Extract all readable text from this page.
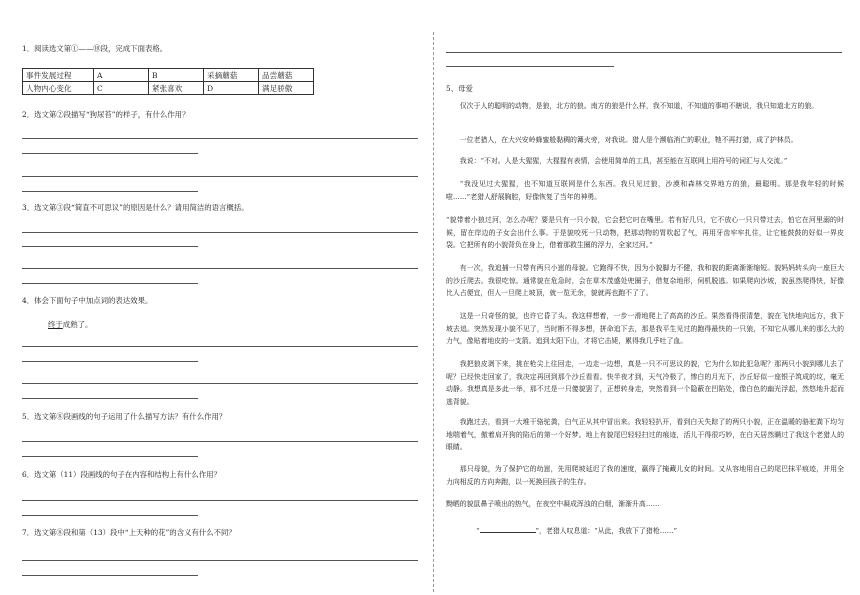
1．阅读选文第①——⑩段，完成下面表格。
事件发展过程	A	B	采摘蘑菇	品尝蘑菇
人物内心变化	C	紧张喜欢	D	满足骄傲
2．选文第②段描写“狗尿苔”的样子，有什么作用？
3．选文第③段“简直不可思议”的原因是什么？请用简洁的语言概括。
4．体会下面句子中加点词的表达效果。
终于成熟了。
5．选文第⑧段画线的句子运用了什么描写方法？有什么作用？
6．选文第（11）段画线的句子在内容和结构上有什么作用？
7．选文第⑧段和第（13）段中“上天种的花”的含义有什么不同？
5、母爱
仅次于人的聪明的动物，是狼，北方的狼。南方的狼是什么样，我不知道，不知道的事咱不瞎说，我只知道北方的狼。
一位老猎人，在大兴安岭蜂蜜般黏稠的篝火旁，对我说。猎人是个濒临消亡的职业，牠不再打猎，成了护林员。
我说：“不对。人是大猩猩，大猩猩有表情，会使用简单的工具，甚至能在互联网上用符号的词汇与人交流。”
“我没见过大猩猩，也不知道互联网是什么东西。我只见过狼，沙漠和森林交界地方的狼，最聪明。那是我年轻的时候啦……”老猎人舒展胸腔，好像恢复了当年的神勇。
“貌带着小狼过河，怎么办呢？要是只有一只小貌，它会把它叼在嘴里。若有好几只，它不放心一只只带过去，怕它在河里溺的时候，留在岸边的子女会出什么事。于是貌咬死一只动物，把那动物的胃吹起了气，再用牙齿牢牢扎住，让它能鼓鼓的好似一界皮袋。它把所有的小貌背负在身上，借着那救生圈的浮力，全家过河。”
有一次，我追捕一只带有两只小崽的母貌。它跑得不快，因为小貌脚力不健，我和貌的距离渐渐缩短。貌妈妈转头向一座巨大的沙丘爬去。我很吃惊。通常貌在危急时，会在草木茂盛处兜圈子，借复杂地形，伺机脱逃。如果爬向沙坡，貌虽然爬得快，好像比人占便宜，但人一旦爬上坡顶，就一览无余，貌就再也跑不了了。
这是一只奇怪的貌，也许它昏了头。我这样想着，一步一滑地爬上了高高的沙丘。果然看得很清楚，貌在飞快地向远方，我下坡去追。突然发现小貌不见了，当时断不得多想，拼命追下去，那是我平生见过的跑得最快的一只狼，不知它从哪儿来的那么大的力气，像贴着地皮的一支箭。追到太阳下山，才将它击毙，累得我几乎吐了血。
我把狼皮剥下来，挑在枪尖上往回走，一边走一边想，真是一只不可思议的貌，它为什么如此犯急呢？那两只小貌到哪儿去了呢？已经快走回家了，我决定再回到那个沙丘看看。快半夜才到，天气冷极了，惨白的月光下，沙丘好似一座银子筑成的坟，毫无动静。我想真是多此一举，那不过是一只傻貌罢了，正想转身走，突然看到一个隐蔽在凹陷处，像白色的幽光浮起，然悠地升起而逃背貌。
我跑过去，看到一大堆干骆驼粪，白气正从其中冒出来。我轻轻扒开，看到白天失踪了的两只小貌，正在温暖的骆驼粪下均匀地喘着气，傲着肩开狗的陷后的第一个好梦。地上有貌尾巴轻轻扫过的痕迹，活儿干得很巧妙，在白天居然瞒过了我这个老猎人的眼睛。
那只母貌，为了保护它的幼崽，先用爬坡延迟了我的速度，赢得了掩藏儿女的时间。又从容地用自己的尾巴抹平痕迹，并用全力向相反的方向奔跑，以一死换回孩子的生存。
黝晒的貌鼠鼻子喷出的热气，在夜空中凝成浑浊的白烟，渐渐升高……
“	”，老猎人叹息道：“从此，我放下了猎枪……”
